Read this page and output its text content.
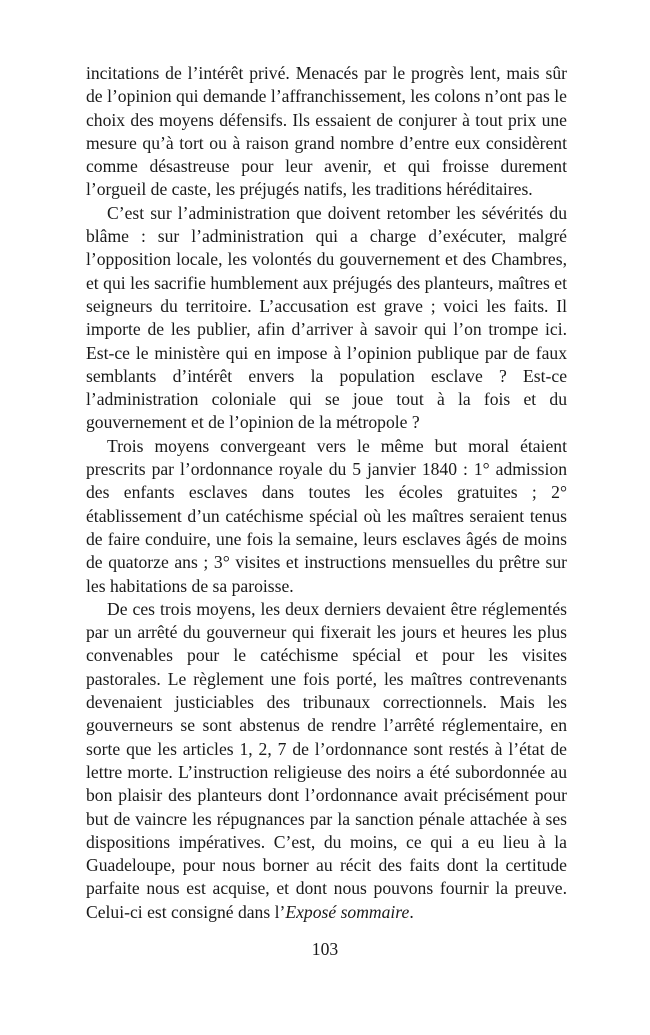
incitations de l’intérêt privé. Menacés par le progrès lent, mais sûr de l’opinion qui demande l’affranchissement, les colons n’ont pas le choix des moyens défensifs. Ils essaient de conjurer à tout prix une mesure qu’à tort ou à raison grand nombre d’entre eux considèrent comme désastreuse pour leur avenir, et qui froisse durement l’orgueil de caste, les préjugés natifs, les traditions héréditaires.

C’est sur l’administration que doivent retomber les sévérités du blâme : sur l’administration qui a charge d’exécuter, malgré l’opposition locale, les volontés du gouvernement et des Chambres, et qui les sacrifie humblement aux préjugés des planteurs, maîtres et seigneurs du territoire. L’accusation est grave ; voici les faits. Il importe de les publier, afin d’arriver à savoir qui l’on trompe ici. Est-ce le ministère qui en impose à l’opinion publique par de faux semblants d’intérêt envers la population esclave ? Est-ce l’administration coloniale qui se joue tout à la fois et du gouvernement et de l’opinion de la métropole ?

Trois moyens convergeant vers le même but moral étaient prescrits par l’ordonnance royale du 5 janvier 1840 : 1° admission des enfants esclaves dans toutes les écoles gratuites ; 2° établissement d’un catéchisme spécial où les maîtres seraient tenus de faire conduire, une fois la semaine, leurs esclaves âgés de moins de quatorze ans ; 3° visites et instructions mensuelles du prêtre sur les habitations de sa paroisse.

De ces trois moyens, les deux derniers devaient être réglementés par un arrêté du gouverneur qui fixerait les jours et heures les plus convenables pour le catéchisme spécial et pour les visites pastorales. Le règlement une fois porté, les maîtres contrevenants devenaient justiciables des tribunaux correctionnels. Mais les gouverneurs se sont abstenus de rendre l’arrêté réglementaire, en sorte que les articles 1, 2, 7 de l’ordonnance sont restés à l’état de lettre morte. L’instruction religieuse des noirs a été subordonnée au bon plaisir des planteurs dont l’ordonnance avait précisément pour but de vaincre les répugnances par la sanction pénale attachée à ses dispositions impératives. C’est, du moins, ce qui a eu lieu à la Guadeloupe, pour nous borner au récit des faits dont la certitude parfaite nous est acquise, et dont nous pouvons fournir la preuve. Celui-ci est consigné dans l’Exposé sommaire.

103
